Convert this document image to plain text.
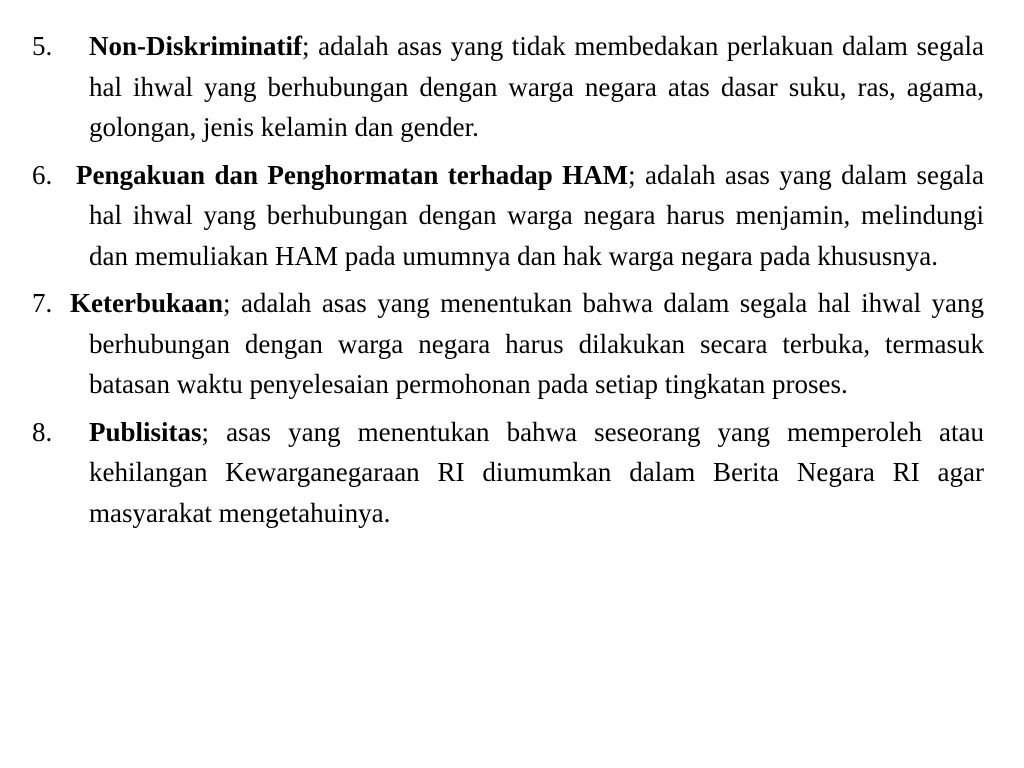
5. Non-Diskriminatif; adalah asas yang tidak membedakan perlakuan dalam segala hal ihwal yang berhubungan dengan warga negara atas dasar suku, ras, agama, golongan, jenis kelamin dan gender.
6. Pengakuan dan Penghormatan terhadap HAM; adalah asas yang dalam segala hal ihwal yang berhubungan dengan warga negara harus menjamin, melindungi dan memuliakan HAM pada umumnya dan hak warga negara pada khususnya.
7. Keterbukaan; adalah asas yang menentukan bahwa dalam segala hal ihwal yang berhubungan dengan warga negara harus dilakukan secara terbuka, termasuk batasan waktu penyelesaian permohonan pada setiap tingkatan proses.
8. Publisitas; asas yang menentukan bahwa seseorang yang memperoleh atau kehilangan Kewarganegaraan RI diumumkan dalam Berita Negara RI agar masyarakat mengetahuinya.
